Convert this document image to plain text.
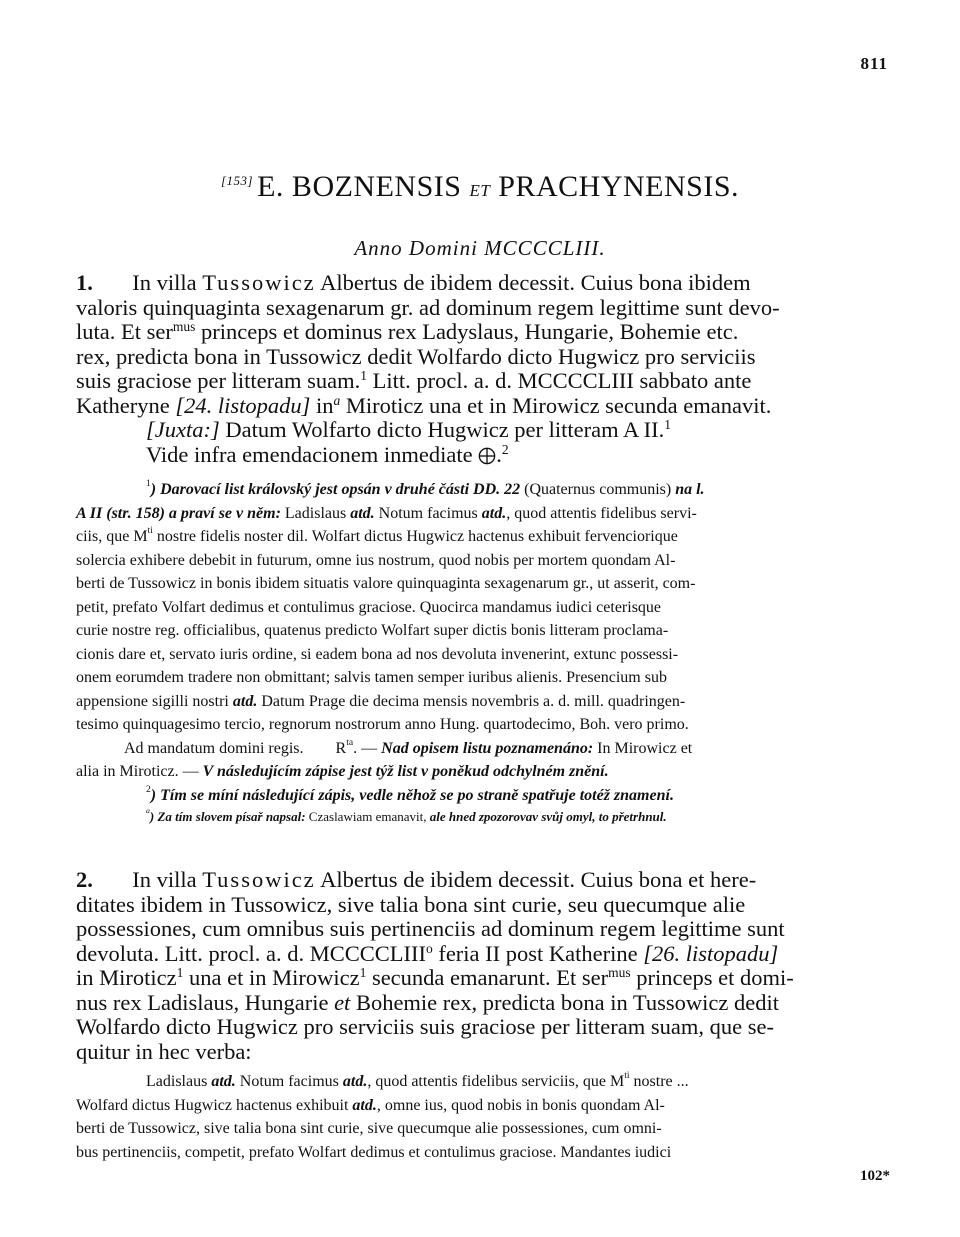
811
[153] E. BOZNENSIS ET PRACHYNENSIS.
Anno Domini MCCCCLIII.

1. In villa Tussowicz Albertus de ibidem decessit. Cuius bona ibidem
valoris quinquaginta sexagenarum gr. ad dominum regem legittime sunt devo-
luta. Et ser$^{mus}$ princeps et dominus rex Ladyslaus, Hungarie, Bohemie etc.
rex, predicta bona in Tussowicz dedit Wolfardo dicto Hugwicz pro serviciis
suis graciose per litteram suam.$^1$ Litt. procl. a. d. MCCCCLIII sabbato ante
Katheryne [24. listopadu] $in^a$ Miroticz una et in Mirowicz secunda emanavit.

[Juxta:] Datum Wolfarto dicto Hugwicz per litteram A II.$^1$
Vide infra emendacionem inmediate .$^2$

$^1$) Darovací list královský jest opsán v druhé části DD. 22 (Quaternus communis) na l.
A II (str. 158) a praví se v něm: Ladislaus atd. Notum facimus atd., quod attentis fidelibus servi-
ciis, que $M^{ti}$ nostre fidelis noster dil. Wolfart dictus Hugwicz hactenus exhibuit fervenciorique
solercia exhibere debebit in futurum, omne ius nostrum, quod nobis per mortem quondam Al-
berti de Tussowicz in bonis ibidem situatis valore quinquaginta sexagenarum gr., ut asserit, com-
petit, prefato Volfart dedimus et contulimus graciose. Quocirca mandamus iudici ceterisque
curie nostre reg. officialibus, quatenus predicto Wolfart super dictis bonis litteram proclama-
cionis dare et, servato iuris ordine, si eadem bona ad nos devoluta invenerint, extunc possessi-
onem eorumdem tradere non obmittant; salvis tamen semper iuribus alienis. Presencium sub
appensione sigilli nostri atd. Datum Prage die decima mensis novembris a. d. mill. quadringen-
tesimo quinquagesimo tercio, regnorum nostrorum anno Hung. quartodecimo, Boh. vero primo.
Ad mandatum domini regis. $R^{ta}$. — Nad opisem listu poznamenáno: In Mirowicz et
alia in Miroticz. — V následujícím zápise jest týž list v poněkud odchylném znění.

$^2$) Tím se míní následující zápis, vedle něhož se po straně spatřuje totéž znamení.

$^a$) Za tím slovem písař napsal: Czaslawiam emanavit, ale hned zpozorovav svůj omyl, to přetrhnul.

2. In villa Tussowicz Albertus de ibidem decessit. Cuius bona et here-
ditates ibidem in Tussowicz, sive talia bona sint curie, seu quecumque alie
possessiones, cum omnibus suis pertinenciis ad dominum regem legittime sunt
devoluta. Litt. procl. a. d. MCCCCLIII$^o$ feria II post Katherine [26. listopadu]
in Miroticz$^1$ una et in Mirowicz$^1$ secunda emanarunt. Et ser$^{mus}$ princeps et domi-
nus rex Ladislaus, Hungarie et Bohemie rex, predicta bona in Tussowicz dedit
Wolfardo dicto Hugwicz pro serviciis suis graciose per litteram suam, que se-
quitur in hec verba:

Ladislaus atd. Notum facimus atd., quod attentis fidelibus serviciis, que $M^{ti}$ nostre ...
Wolfard dictus Hugwicz hactenus exhibuit atd., omne ius, quod nobis in bonis quondam Al-
berti de Tussowicz, sive talia bona sint curie, sive quecumque alie possessiones, cum omni-
bus pertinenciis, competit, prefato Wolfart dedimus et contulimus graciose. Mandantes iudici

102*
